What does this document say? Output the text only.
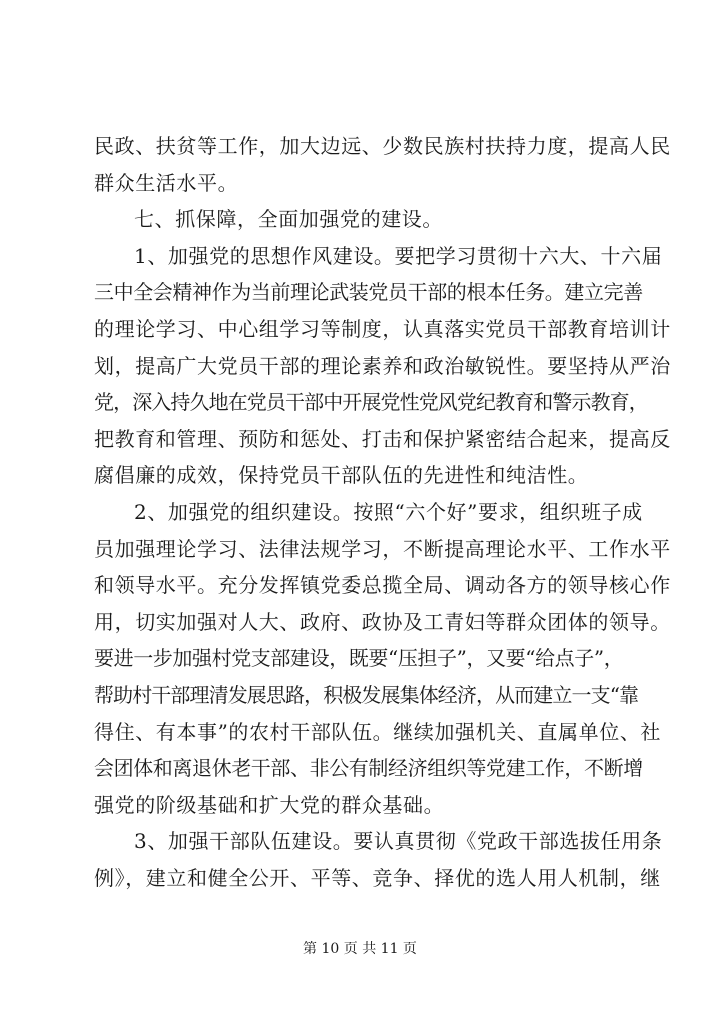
民政、扶贫等工作，加大边远、少数民族村扶持力度，提高人民
群众生活水平。
七、抓保障，全面加强党的建设。
1、加强党的思想作风建设。要把学习贯彻十六大、十六届
三中全会精神作为当前理论武装党员干部的根本任务。建立完善
的理论学习、中心组学习等制度，认真落实党员干部教育培训计
划，提高广大党员干部的理论素养和政治敏锐性。要坚持从严治
党，深入持久地在党员干部中开展党性党风党纪教育和警示教育，
把教育和管理、预防和惩处、打击和保护紧密结合起来，提高反
腐倡廉的成效，保持党员干部队伍的先进性和纯洁性。
2、加强党的组织建设。按照“六个好”要求，组织班子成
员加强理论学习、法律法规学习，不断提高理论水平、工作水平
和领导水平。充分发挥镇党委总揽全局、调动各方的领导核心作
用，切实加强对人大、政府、政协及工青妇等群众团体的领导。
要进一步加强村党支部建设，既要“压担子”，又要“给点子”，
帮助村干部理清发展思路，积极发展集体经济，从而建立一支“靠
得住、有本事”的农村干部队伍。继续加强机关、直属单位、社
会团体和离退休老干部、非公有制经济组织等党建工作，不断增
强党的阶级基础和扩大党的群众基础。
3、加强干部队伍建设。要认真贯彻《党政干部选拔任用条
例》，建立和健全公开、平等、竞争、择优的选人用人机制，继
第 10 页 共 11 页
